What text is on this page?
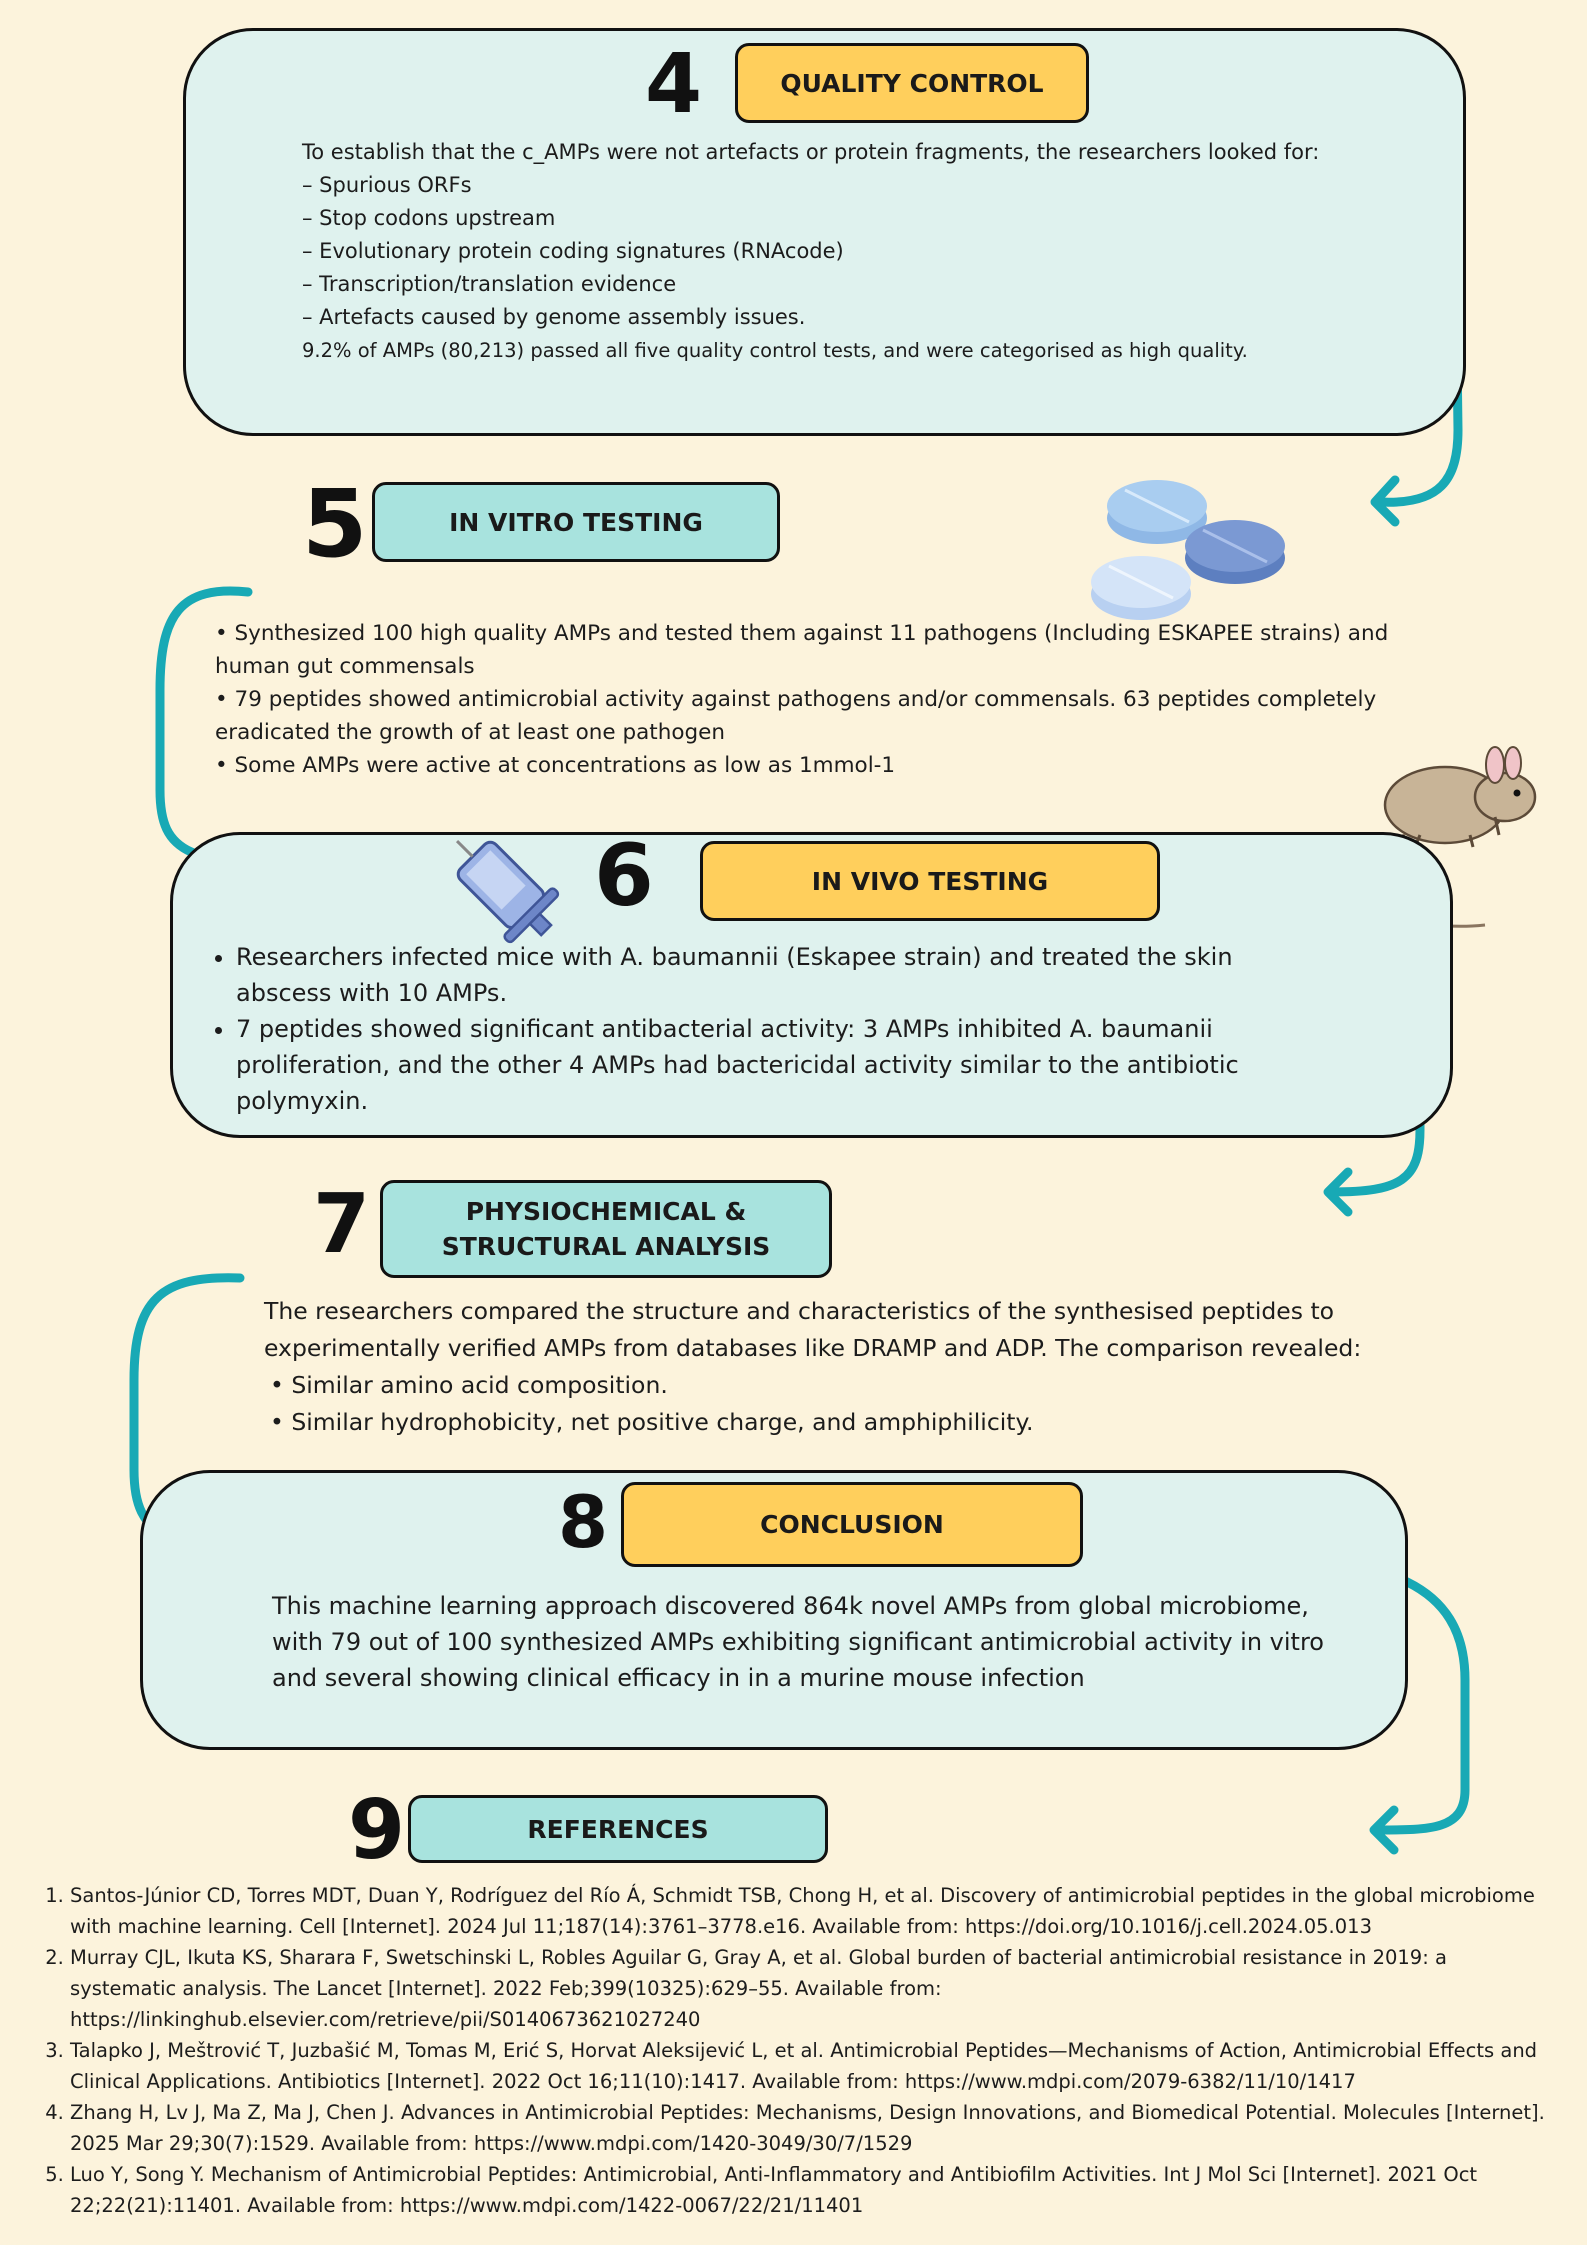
4	QUALITY CONTROL

To establish that the c_AMPs were not artefacts or protein fragments, the researchers looked for:

– Spurious ORFs

– Stop codons upstream

– Evolutionary protein coding signatures (RNAcode)

– Transcription/translation evidence

– Artefacts caused by genome assembly issues.

9.2% of AMPs (80,213) passed all five quality control tests, and were categorised as high quality.

5	IN VITRO TESTING

• Synthesized 100 high quality AMPs and tested them against 11 pathogens (Including ESKAPEE strains) and human gut commensals

• 79 peptides showed antimicrobial activity against pathogens and/or commensals. 63 peptides completely eradicated the growth of at least one pathogen

• Some AMPs were active at concentrations as low as 1mmol-1

6	IN VIVO TESTING
• Researchers infected mice with A. baumannii (Eskapee strain) and treated the skin abscess with 10 AMPs.
• 7 peptides showed significant antibacterial activity: 3 AMPs inhibited A. baumanii proliferation, and the other 4 AMPs had bactericidal activity similar to the antibiotic polymyxin.
7	PHYSIOCHEMICAL &
STRUCTURAL ANALYSIS

The researchers compared the structure and characteristics of the synthesised peptides to experimentally verified AMPs from databases like DRAMP and ADP. The comparison revealed:

• Similar amino acid composition.

• Similar hydrophobicity, net positive charge, and amphiphilicity.

8	CONCLUSION

This machine learning approach discovered 864k novel AMPs from global microbiome, with 79 out of 100 synthesized AMPs exhibiting significant antimicrobial activity in vitro and several showing clinical efficacy in in a murine mouse infection

9	REFERENCES
1. Santos-Júnior CD, Torres MDT, Duan Y, Rodríguez del Río Á, Schmidt TSB, Chong H, et al. Discovery of antimicrobial peptides in the global microbiome with machine learning. Cell [Internet]. 2024 Jul 11;187(14):3761–3778.e16. Available from: https://doi.org/10.1016/j.cell.2024.05.013
2. Murray CJL, Ikuta KS, Sharara F, Swetschinski L, Robles Aguilar G, Gray A, et al. Global burden of bacterial antimicrobial resistance in 2019: a systematic analysis. The Lancet [Internet]. 2022 Feb;399(10325):629–55. Available from: https://linkinghub.elsevier.com/retrieve/pii/S0140673621027240
3. Talapko J, Meštrović T, Juzbašić M, Tomas M, Erić S, Horvat Aleksijević L, et al. Antimicrobial Peptides—Mechanisms of Action, Antimicrobial Effects and Clinical Applications. Antibiotics [Internet]. 2022 Oct 16;11(10):1417. Available from: https://www.mdpi.com/2079-6382/11/10/1417
4. Zhang H, Lv J, Ma Z, Ma J, Chen J. Advances in Antimicrobial Peptides: Mechanisms, Design Innovations, and Biomedical Potential. Molecules [Internet]. 2025 Mar 29;30(7):1529. Available from: https://www.mdpi.com/1420-3049/30/7/1529
5. Luo Y, Song Y. Mechanism of Antimicrobial Peptides: Antimicrobial, Anti-Inflammatory and Antibiofilm Activities. Int J Mol Sci [Internet]. 2021 Oct 22;22(21):11401. Available from: https://www.mdpi.com/1422-0067/22/21/11401
